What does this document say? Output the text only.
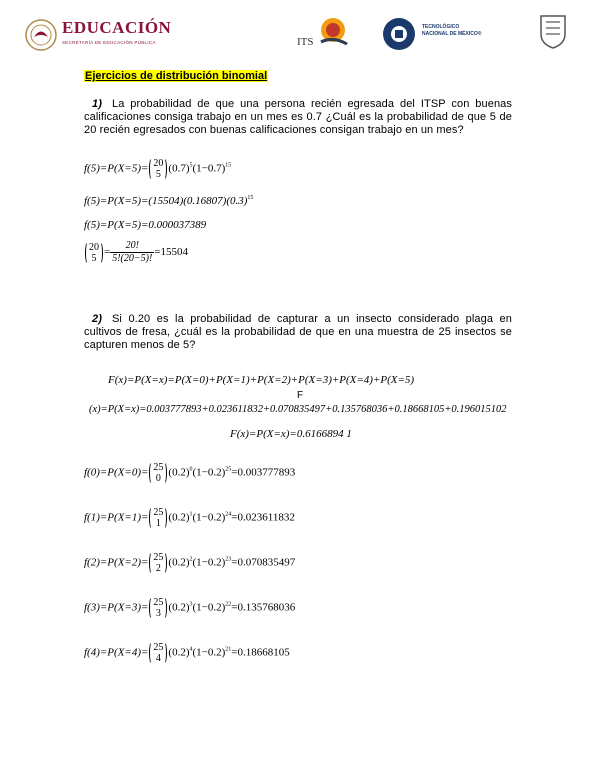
EDUCACIÓN
SECRETARÍA DE EDUCACIÓN PÚBLICA	ITS
TECNOLÓGICO
NACIONAL DE MÉXICO®
Ejercicios de distribución binomial
1) La probabilidad de que una persona recién egresada del ITSP con buenas calificaciones consiga trabajo en un mes es 0.7 ¿Cuál es la probabilidad de que 5 de 20 recién egresados con buenas calificaciones consigan trabajo en un mes?
f(5)=P(X=5)= 20
5 $(0.7)^5(1-0.7)^{15}$
$f(5)=P(X=5)=(15504)(0.16807)(0.3)^{15}$
f(5)=P(X=5)=0.000037389
20
$5 = \frac{20!}{5!(20-5)!} =15504$
2) Si 0.20 es la probabilidad de capturar a un insecto considerado plaga en cultivos de fresa, ¿cuál es la probabilidad de que en una muestra de 25 insectos se capturen menos de 5?
F(x)=P(X=x)=P(X=0)+P(X=1)+P(X=2)+P(X=3)+P(X=4)+P(X=5)
F
(x)=P(X=x)=0.003777893+0.023611832+0.070835497+0.135768036+0.18668105+0.196015102
F(x)=P(X=x)=0.6166894 1
f(0)=P(X=0)= 25
0 $(0.2)^0(1-0.2)^{25}=0.003777893$
f(1)=P(X=1)= 25
1 $(0.2)^1(1-0.2)^{24}=0.023611832$
f(2)=P(X=2)= 25
2 $(0.2)^2(1-0.2)^{23}=0.070835497$
f(3)=P(X=3)= 25
3 $(0.2)^3(1-0.2)^{22}=0.135768036$
f(4)=P(X=4)= 25
4 $(0.2)^4(1-0.2)^{21}=0.18668105$
